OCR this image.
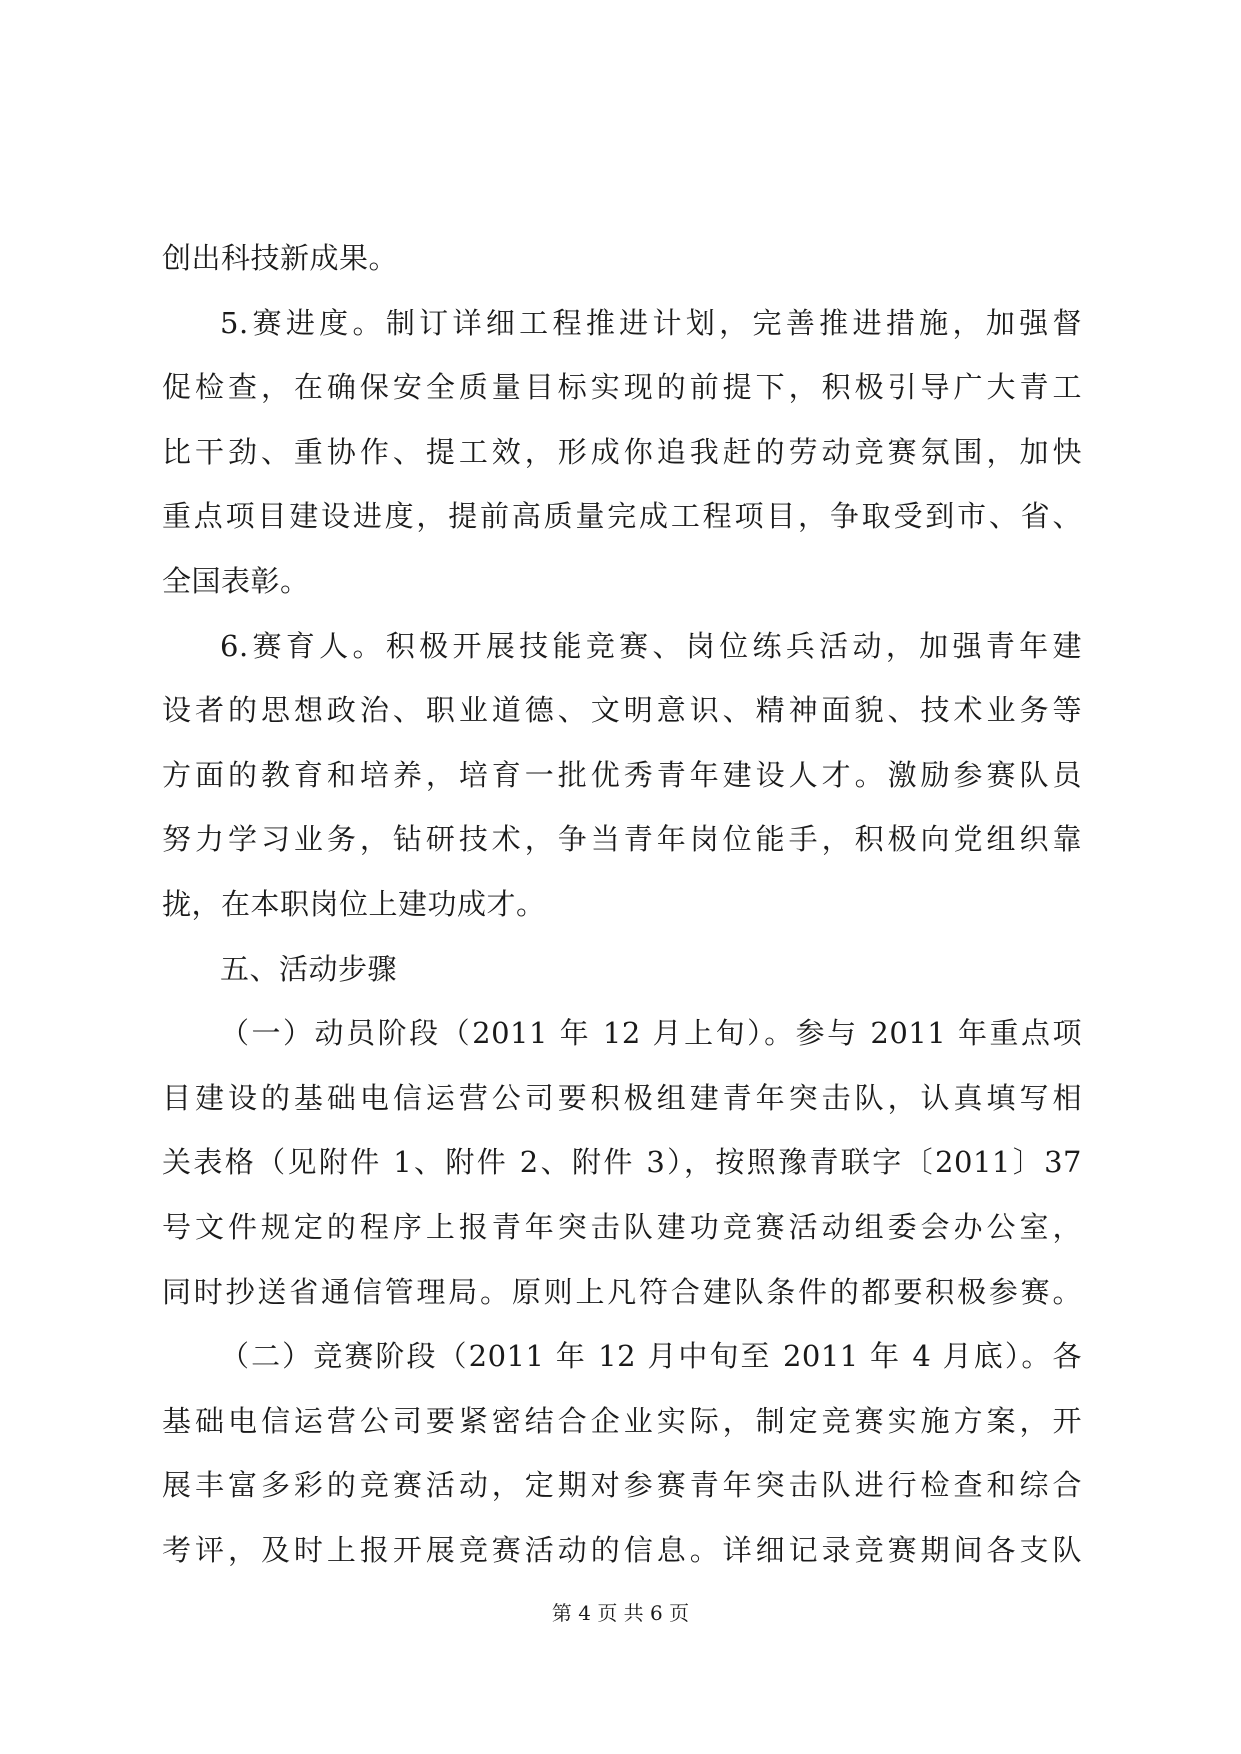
创出科技新成果。
5.赛进度。制订详细工程推进计划，完善推进措施，加强督
促检查，在确保安全质量目标实现的前提下，积极引导广大青工
比干劲、重协作、提工效，形成你追我赶的劳动竞赛氛围，加快
重点项目建设进度，提前高质量完成工程项目，争取受到市、省、
全国表彰。
6.赛育人。积极开展技能竞赛、岗位练兵活动，加强青年建
设者的思想政治、职业道德、文明意识、精神面貌、技术业务等
方面的教育和培养，培育一批优秀青年建设人才。激励参赛队员
努力学习业务，钻研技术，争当青年岗位能手，积极向党组织靠
拢，在本职岗位上建功成才。
五、活动步骤
（一）动员阶段（2011 年 12 月上旬）。参与 2011 年重点项
目建设的基础电信运营公司要积极组建青年突击队，认真填写相
关表格（见附件 1、附件 2、附件 3），按照豫青联字〔2011〕37
号文件规定的程序上报青年突击队建功竞赛活动组委会办公室，
同时抄送省通信管理局。原则上凡符合建队条件的都要积极参赛。
（二）竞赛阶段（2011 年 12 月中旬至 2011 年 4 月底）。各
基础电信运营公司要紧密结合企业实际，制定竞赛实施方案，开
展丰富多彩的竞赛活动，定期对参赛青年突击队进行检查和综合
考评，及时上报开展竞赛活动的信息。详细记录竞赛期间各支队
第 4 页 共 6 页
